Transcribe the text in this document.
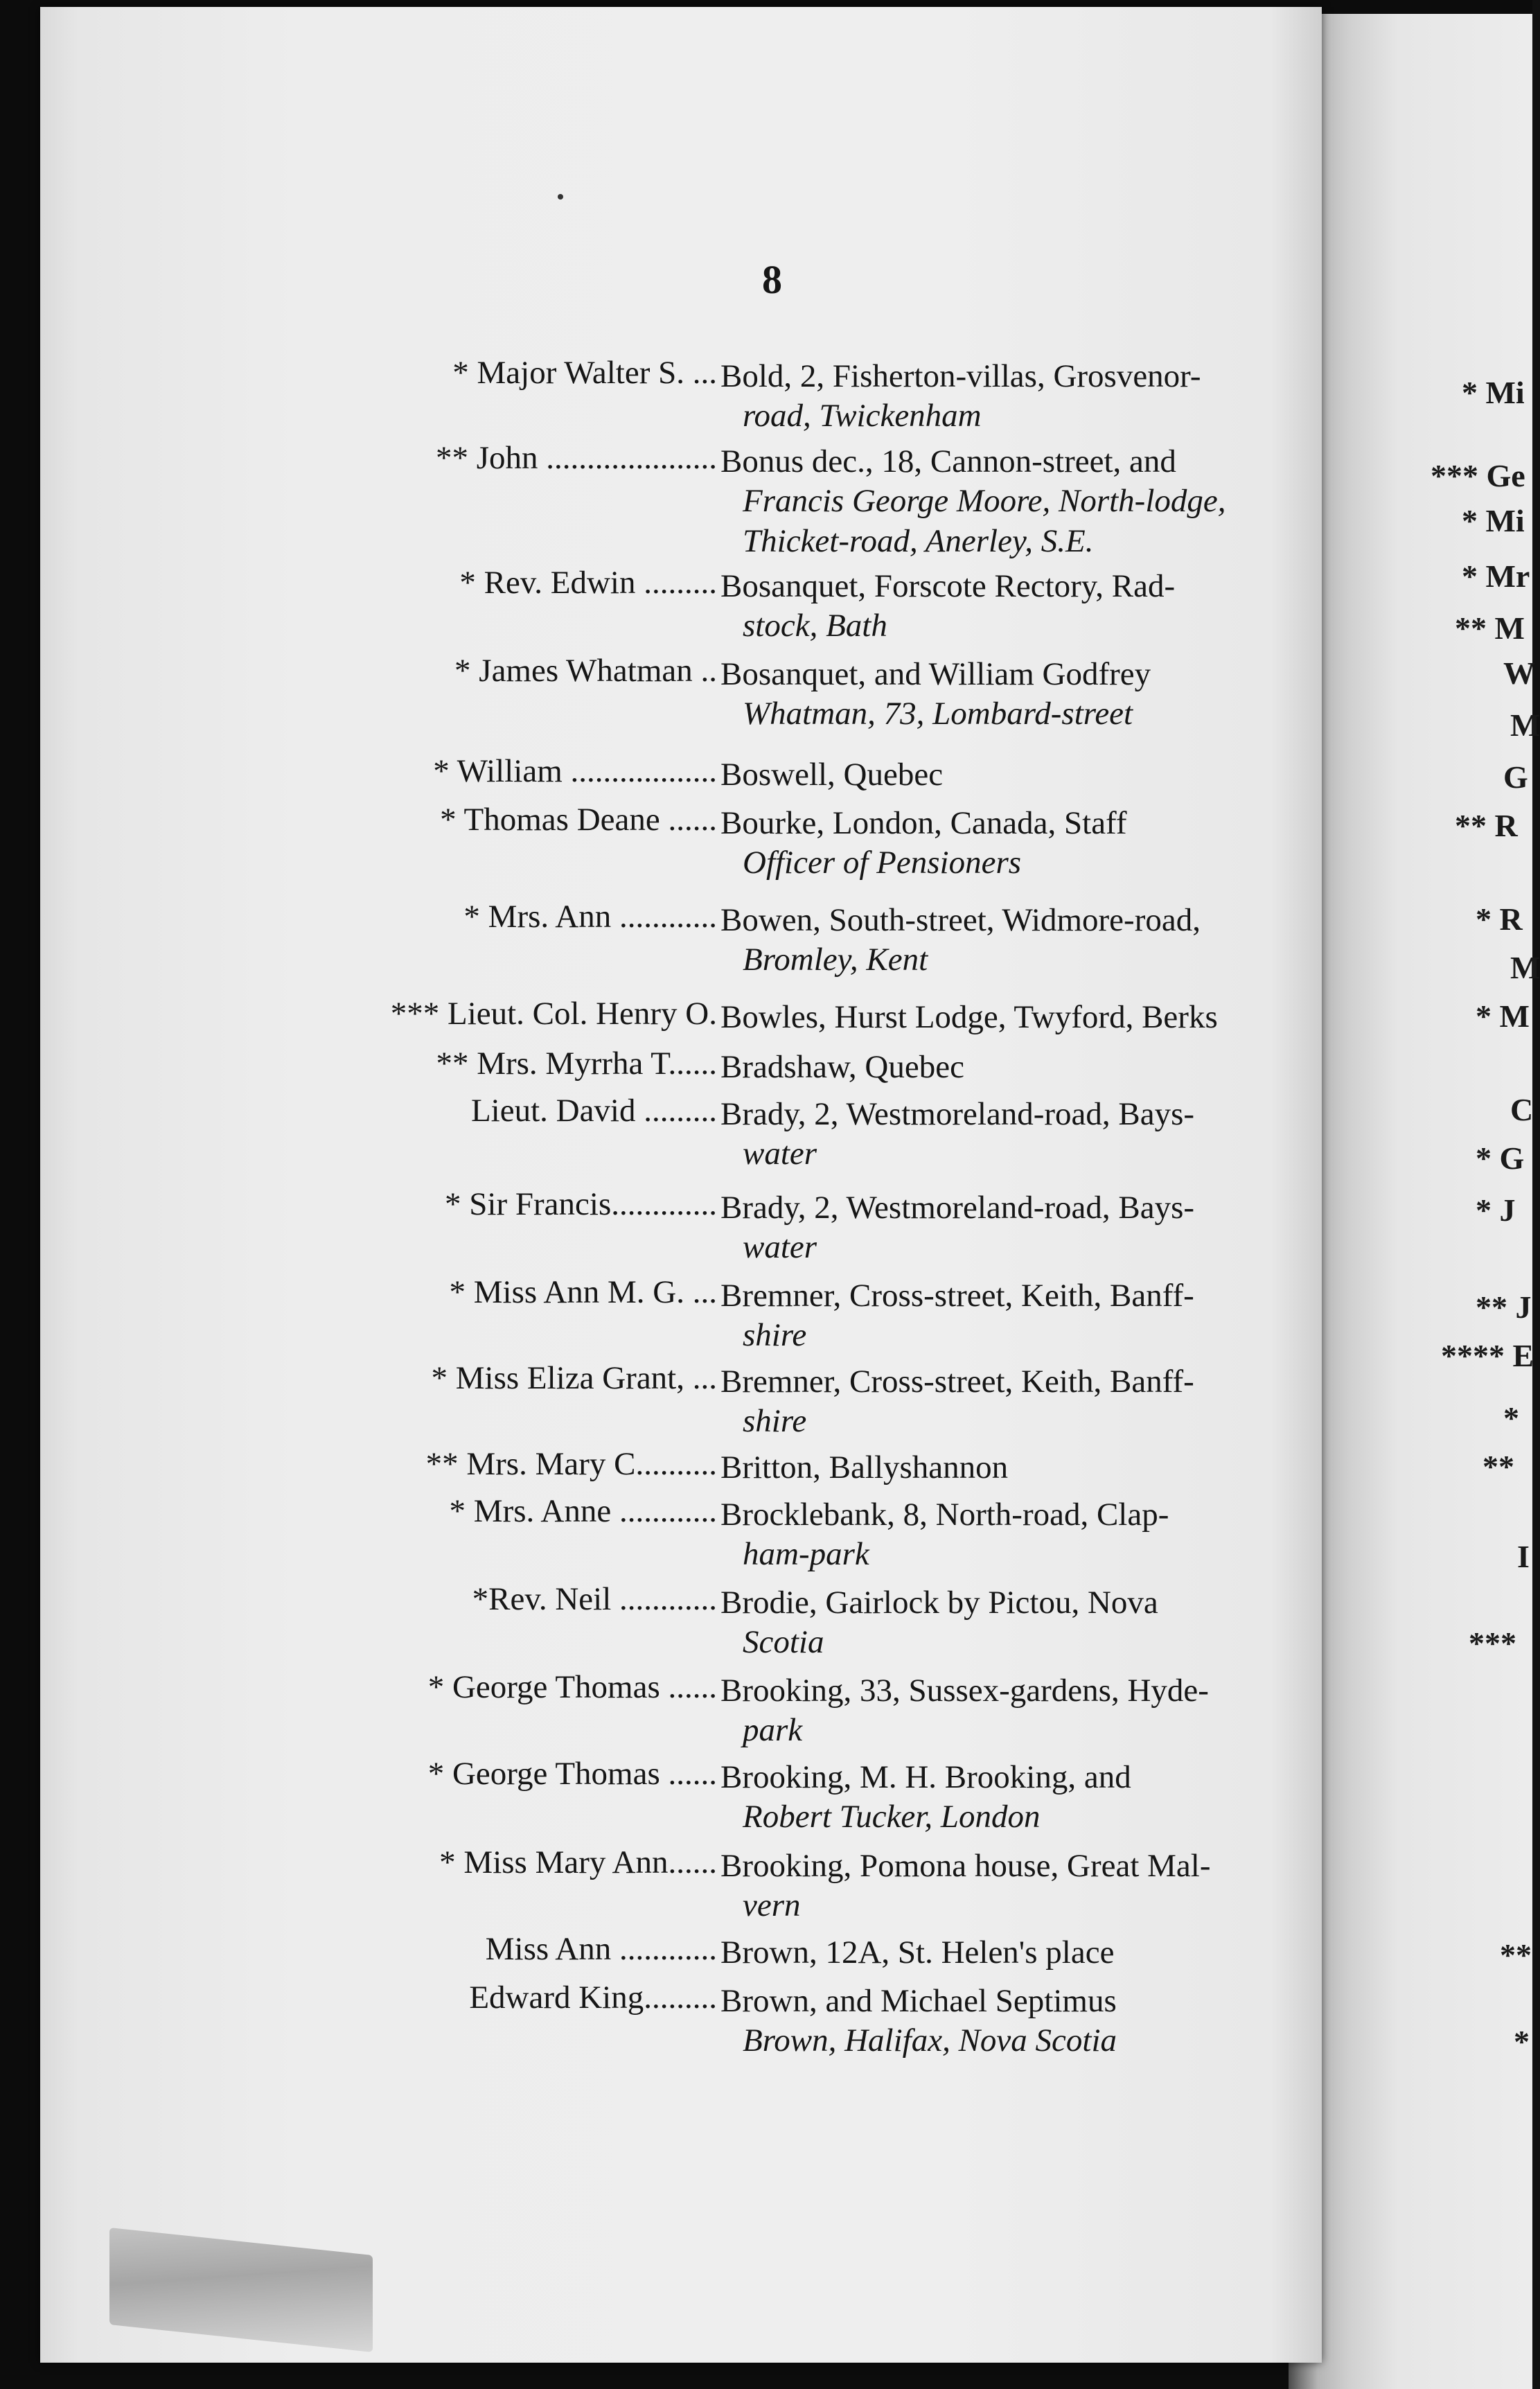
8
* Major Walter S. ... Bold, 2, Fisherton-villas, Grosvenor-
road, Twickenham
** John ..................... Bonus dec., 18, Cannon-street, and
Francis George Moore, North-lodge,
Thicket-road, Anerley, S.E.
* Rev. Edwin ......... Bosanquet, Forscote Rectory, Rad-
stock, Bath
* James Whatman .. Bosanquet, and William Godfrey
Whatman, 73, Lombard-street
* William .................. Boswell, Quebec
* Thomas Deane ...... Bourke, London, Canada, Staff
Officer of Pensioners
* Mrs. Ann ............ Bowen, South-street, Widmore-road,
Bromley, Kent
*** Lieut. Col. Henry O. Bowles, Hurst Lodge, Twyford, Berks
** Mrs. Myrrha T...... Bradshaw, Quebec
Lieut. David ......... Brady, 2, Westmoreland-road, Bays-
water
* Sir Francis............. Brady, 2, Westmoreland-road, Bays-
water
* Miss Ann M. G. ... Bremner, Cross-street, Keith, Banff-
shire
* Miss Eliza Grant, ... Bremner, Cross-street, Keith, Banff-
shire
** Mrs. Mary C.......... Britton, Ballyshannon
* Mrs. Anne ............ Brocklebank, 8, North-road, Clap-
ham-park
*Rev. Neil ............ Brodie, Gairlock by Pictou, Nova
Scotia
* George Thomas ...... Brooking, 33, Sussex-gardens, Hyde-
park
* George Thomas ...... Brooking, M. H. Brooking, and
Robert Tucker, London
* Miss Mary Ann...... Brooking, Pomona house, Great Mal-
vern
Miss Ann ............ Brown, 12A, St. Helen's place
Edward King......... Brown, and Michael Septimus
Brown, Halifax, Nova Scotia
* Mi
*** Ge
* Mi
* Mr
** M
W
M
G
** R
* R
M
* M
C
* G
* J
** J
**** E
*
**
I
***
**
*
